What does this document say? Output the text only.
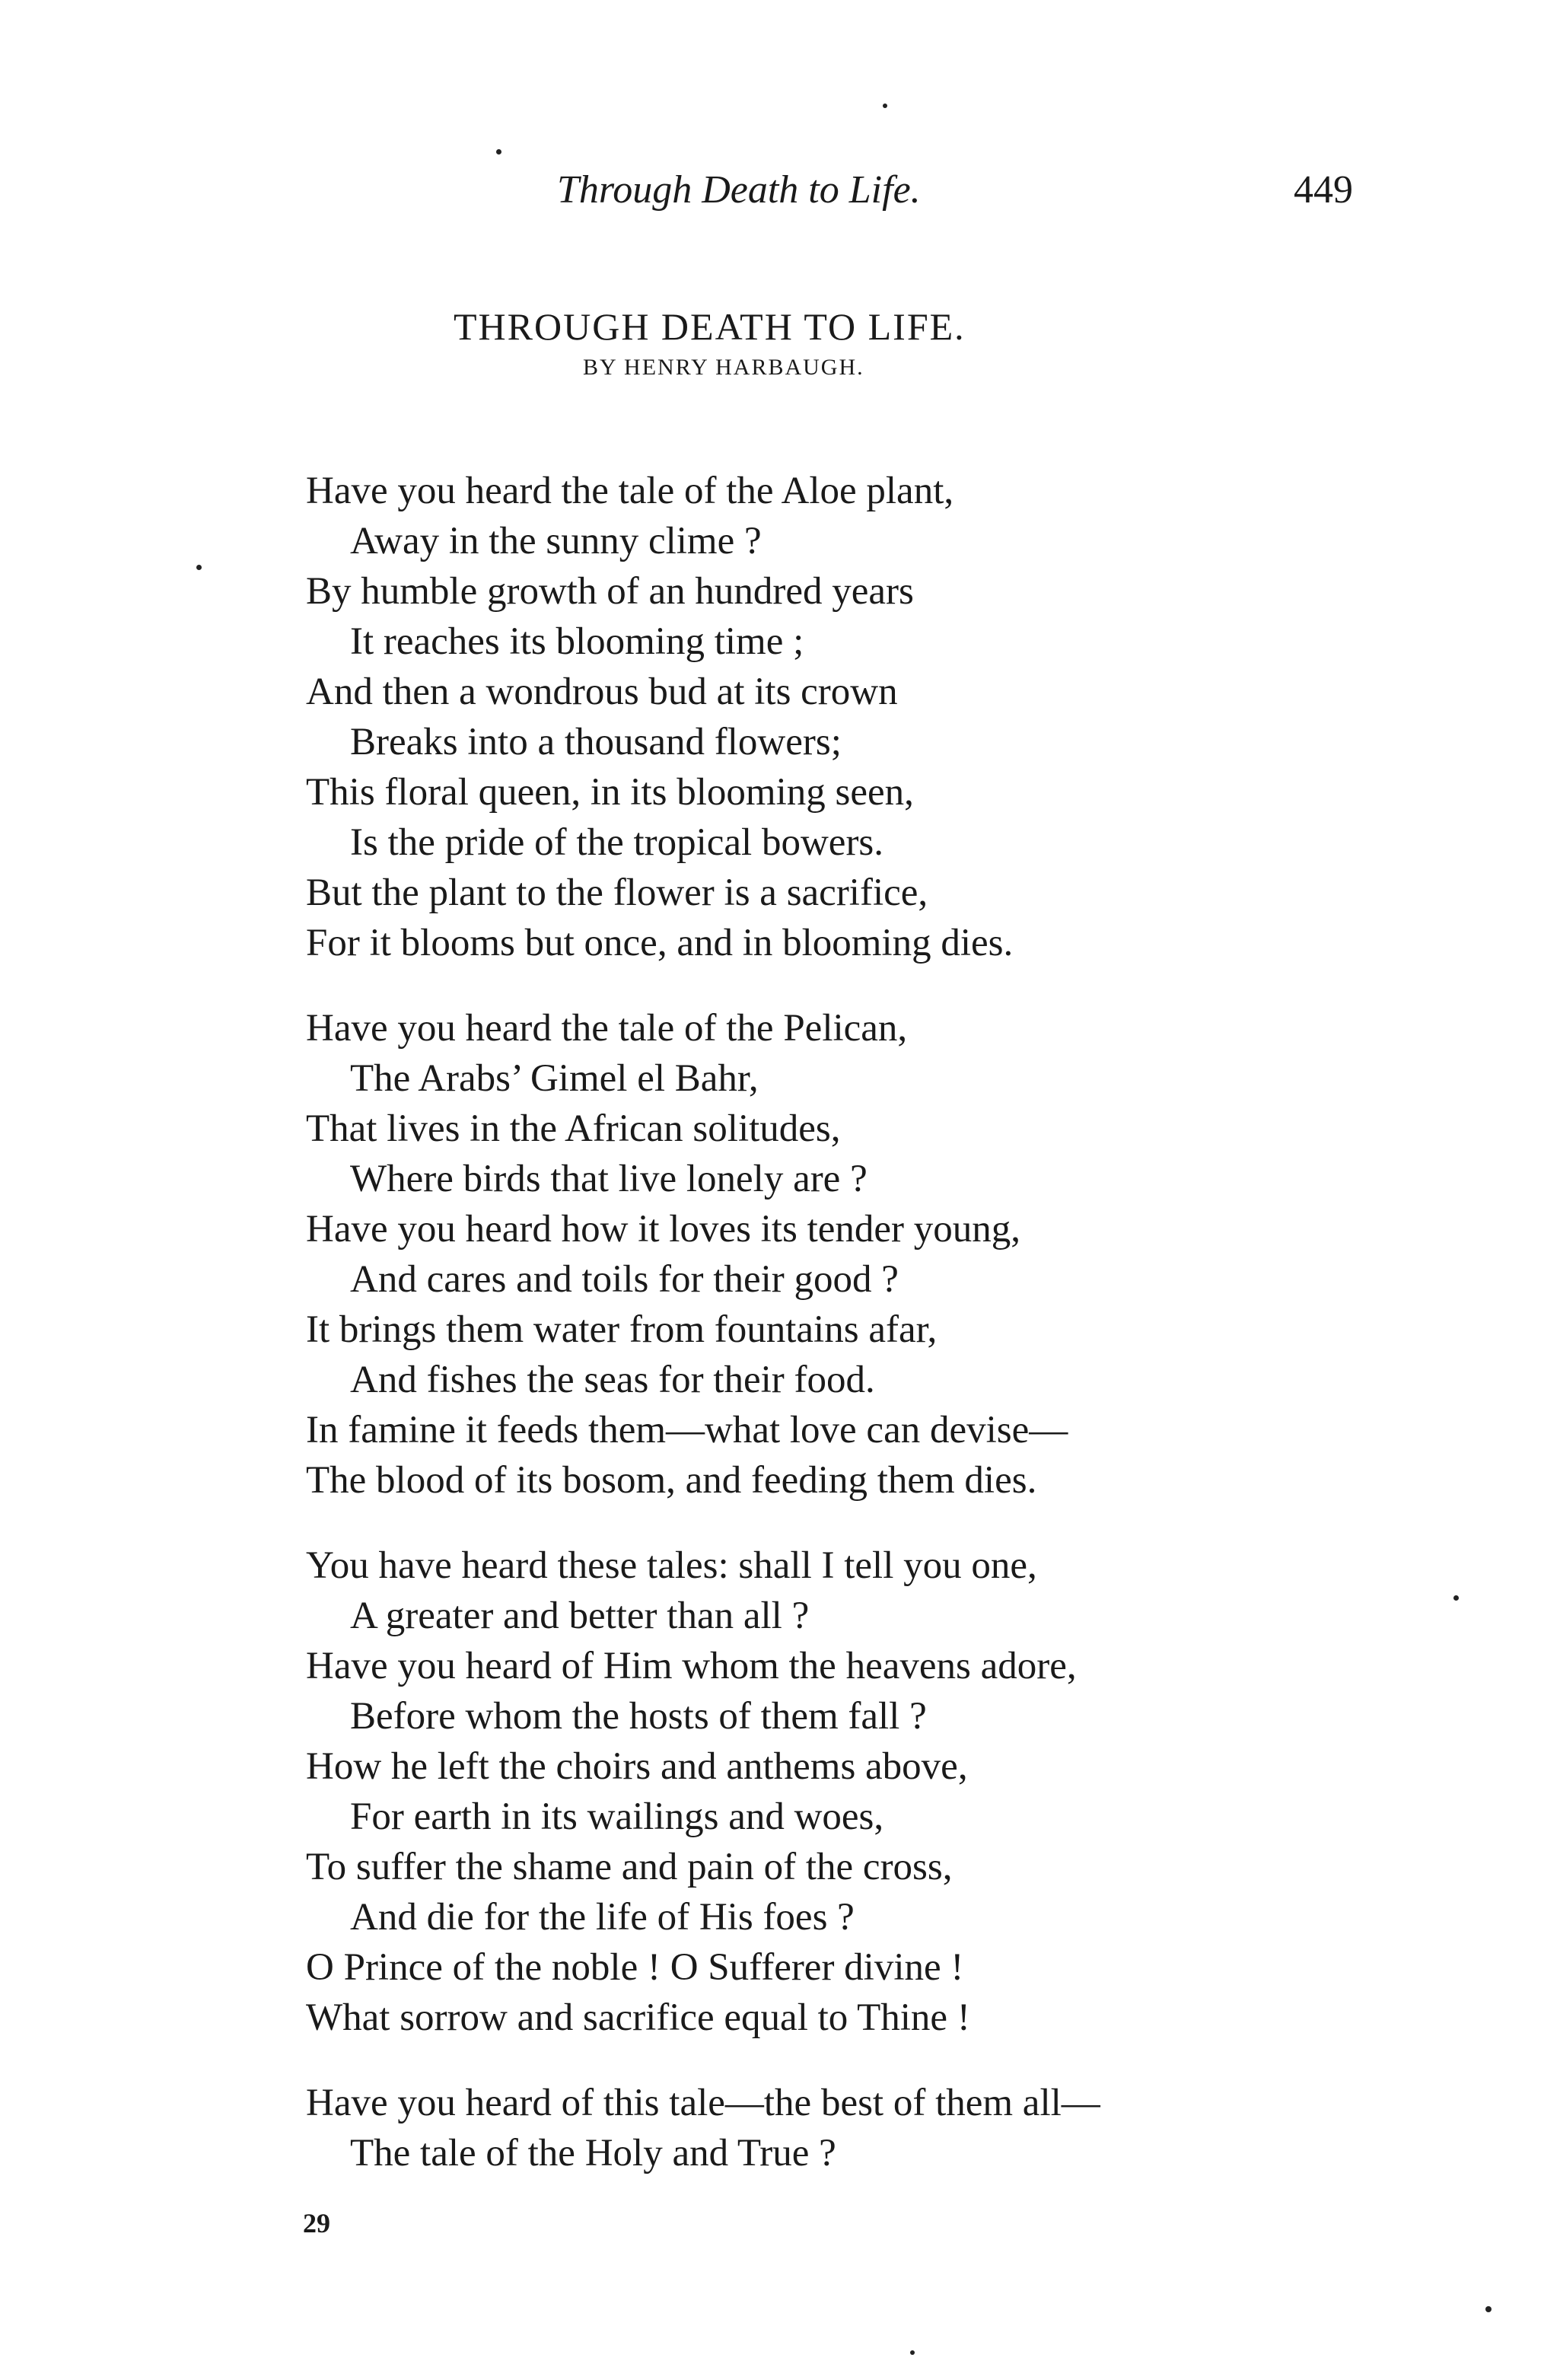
Through Death to Life.	449
THROUGH DEATH TO LIFE.
BY HENRY HARBAUGH.
Have you heard the tale of the Aloe plant,
Away in the sunny clime ?
By humble growth of an hundred years
It reaches its blooming time ;
And then a wondrous bud at its crown
Breaks into a thousand flowers;
This floral queen, in its blooming seen,
Is the pride of the tropical bowers.
But the plant to the flower is a sacrifice,
For it blooms but once, and in blooming dies.
Have you heard the tale of the Pelican,
The Arabs’ Gimel el Bahr,
That lives in the African solitudes,
Where birds that live lonely are ?
Have you heard how it loves its tender young,
And cares and toils for their good ?
It brings them water from fountains afar,
And fishes the seas for their food.
In famine it feeds them—what love can devise—
The blood of its bosom, and feeding them dies.
You have heard these tales: shall I tell you one,
A greater and better than all ?
Have you heard of Him whom the heavens adore,
Before whom the hosts of them fall ?
How he left the choirs and anthems above,
For earth in its wailings and woes,
To suffer the shame and pain of the cross,
And die for the life of His foes ?
O Prince of the noble ! O Sufferer divine !
What sorrow and sacrifice equal to Thine !
Have you heard of this tale—the best of them all—
The tale of the Holy and True ?
29
